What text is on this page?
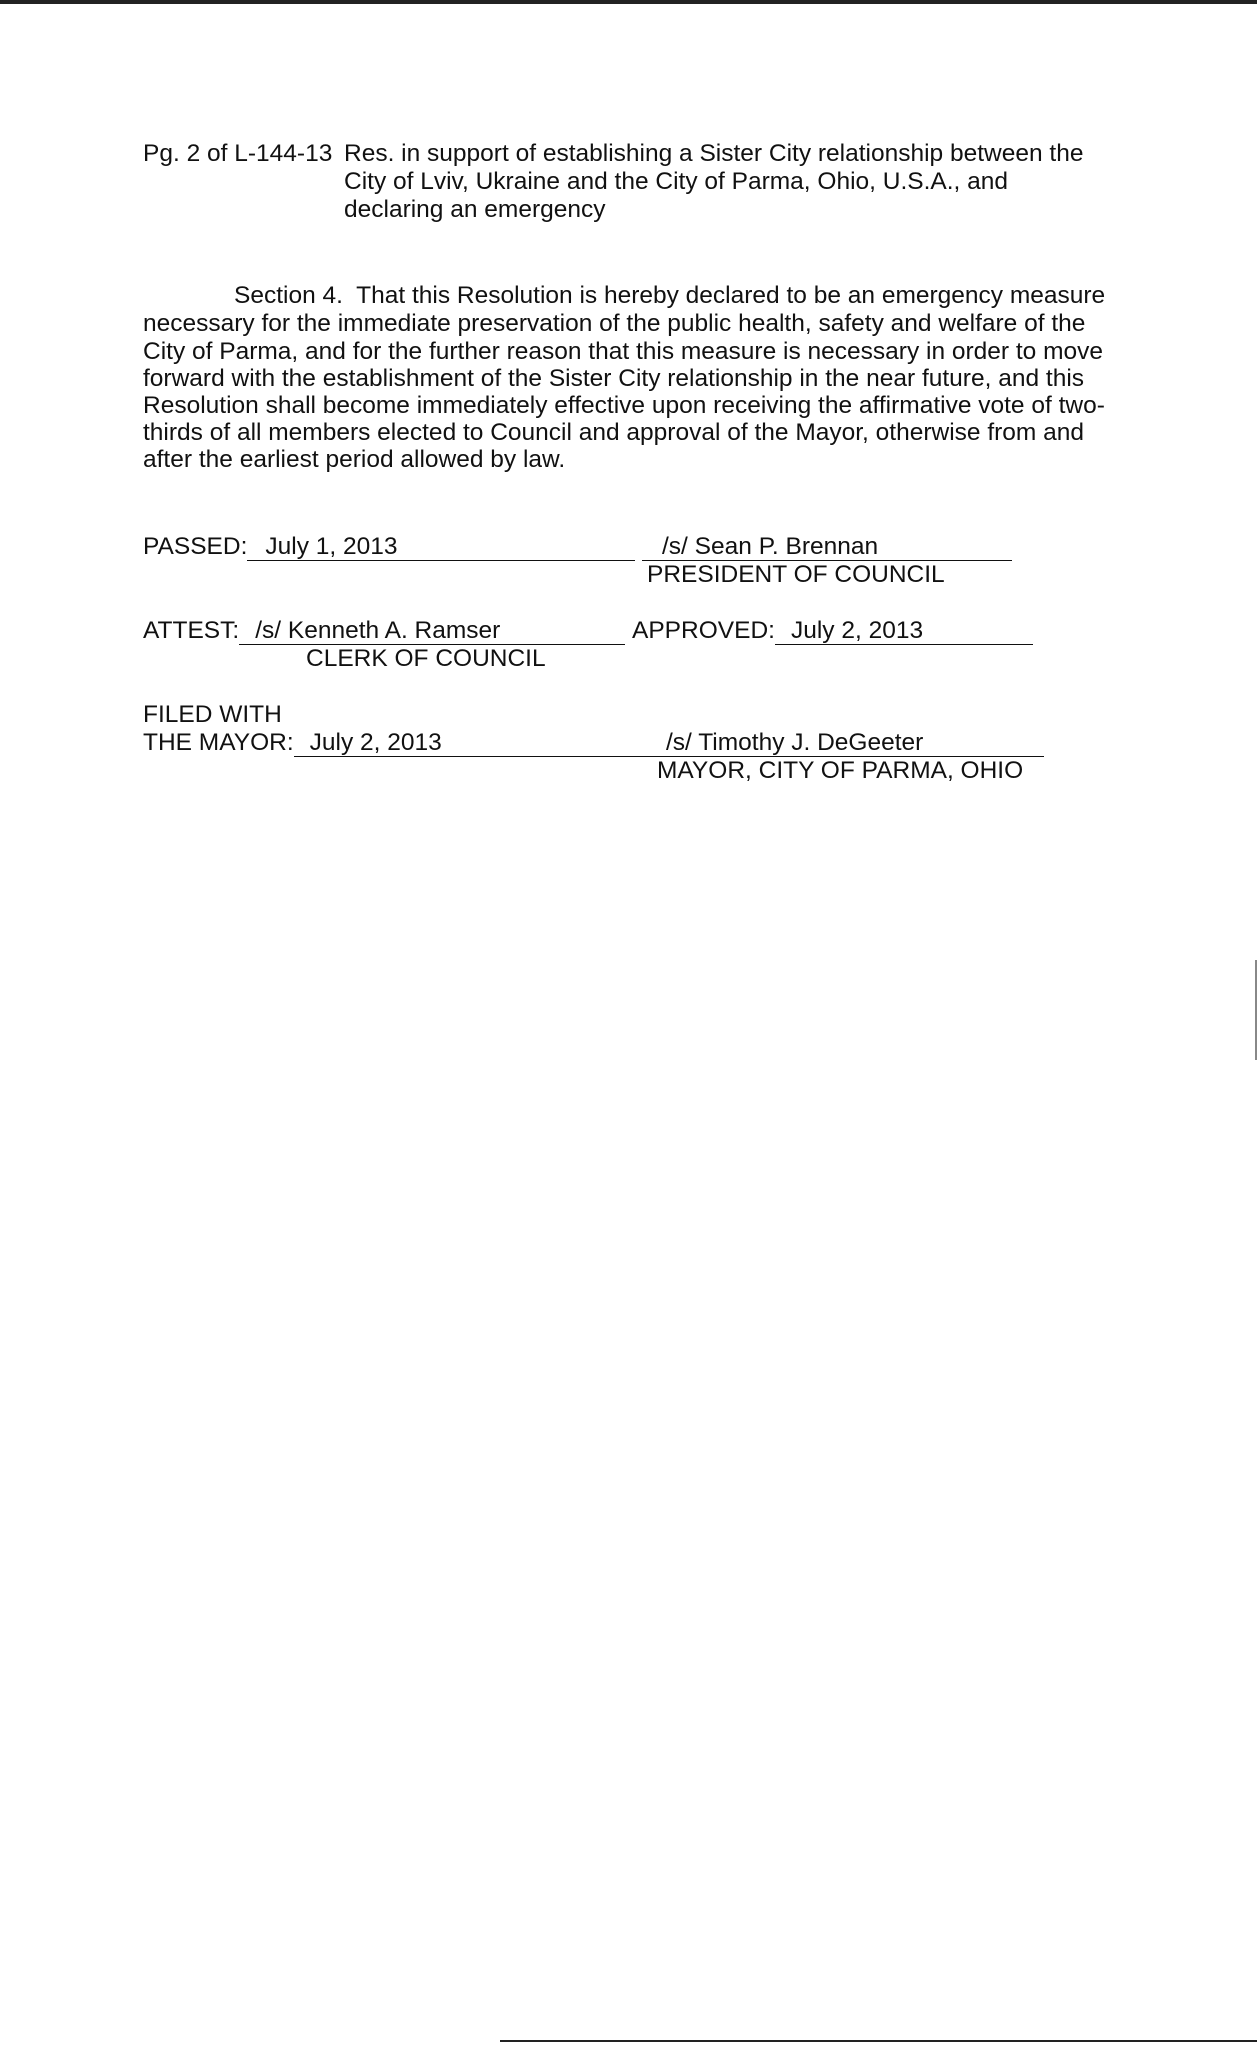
Pg. 2 of L-144-13 Res. in support of establishing a Sister City relationship between the
City of Lviv, Ukraine and the City of Parma, Ohio, U.S.A., and
declaring an emergency
Section 4.  That this Resolution is hereby declared to be an emergency measure
necessary for the immediate preservation of the public health, safety and welfare of the
City of Parma, and for the further reason that this measure is necessary in order to move
forward with the establishment of the Sister City relationship in the near future, and this
Resolution shall become immediately effective upon receiving the affirmative vote of two-
thirds of all members elected to Council and approval of the Mayor, otherwise from and
after the earliest period allowed by law.
PASSED: July 1, 2013	/s/ Sean P. Brennan
PRESIDENT OF COUNCIL
ATTEST: /s/ Kenneth A. Ramser
CLERK OF COUNCIL
APPROVED: July 2, 2013
FILED WITH
THE MAYOR: July 2, 2013	/s/ Timothy J. DeGeeter
MAYOR, CITY OF PARMA, OHIO
